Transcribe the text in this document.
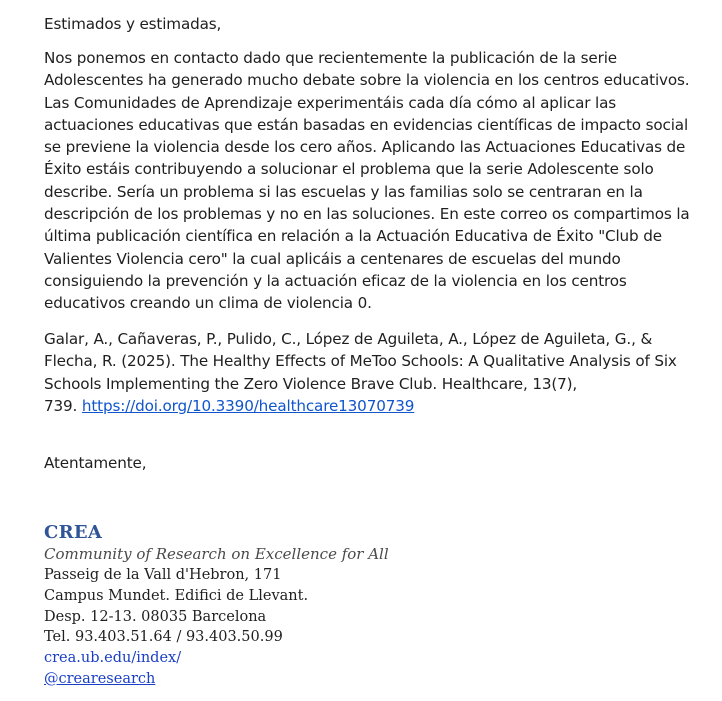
Estimados y estimadas,

Nos ponemos en contacto dado que recientemente la publicación de la serie
Adolescentes ha generado mucho debate sobre la violencia en los centros educativos.
Las Comunidades de Aprendizaje experimentáis cada día cómo al aplicar las
actuaciones educativas que están basadas en evidencias científicas de impacto social
se previene la violencia desde los cero años. Aplicando las Actuaciones Educativas de
Éxito estáis contribuyendo a solucionar el problema que la serie Adolescente solo
describe. Sería un problema si las escuelas y las familias solo se centraran en la
descripción de los problemas y no en las soluciones. En este correo os compartimos la
última publicación científica en relación a la Actuación Educativa de Éxito "Club de
Valientes Violencia cero" la cual aplicáis a centenares de escuelas del mundo
consiguiendo la prevención y la actuación eficaz de la violencia en los centros
educativos creando un clima de violencia 0.
Galar, A., Cañaveras, P., Pulido, C., López de Aguileta, A., López de Aguileta, G., &
Flecha, R. (2025). The Healthy Effects of MeToo Schools: A Qualitative Analysis of Six
Schools Implementing the Zero Violence Brave Club. Healthcare, 13(7),
739. https://doi.org/10.3390/healthcare13070739

Atentamente,

CREA
Community of Research on Excellence for All
Passeig de la Vall d'Hebron, 171
Campus Mundet. Edifici de Llevant.
Desp. 12-13. 08035 Barcelona
Tel. 93.403.51.64 / 93.403.50.99
crea.ub.edu/index/
@crearesearch
